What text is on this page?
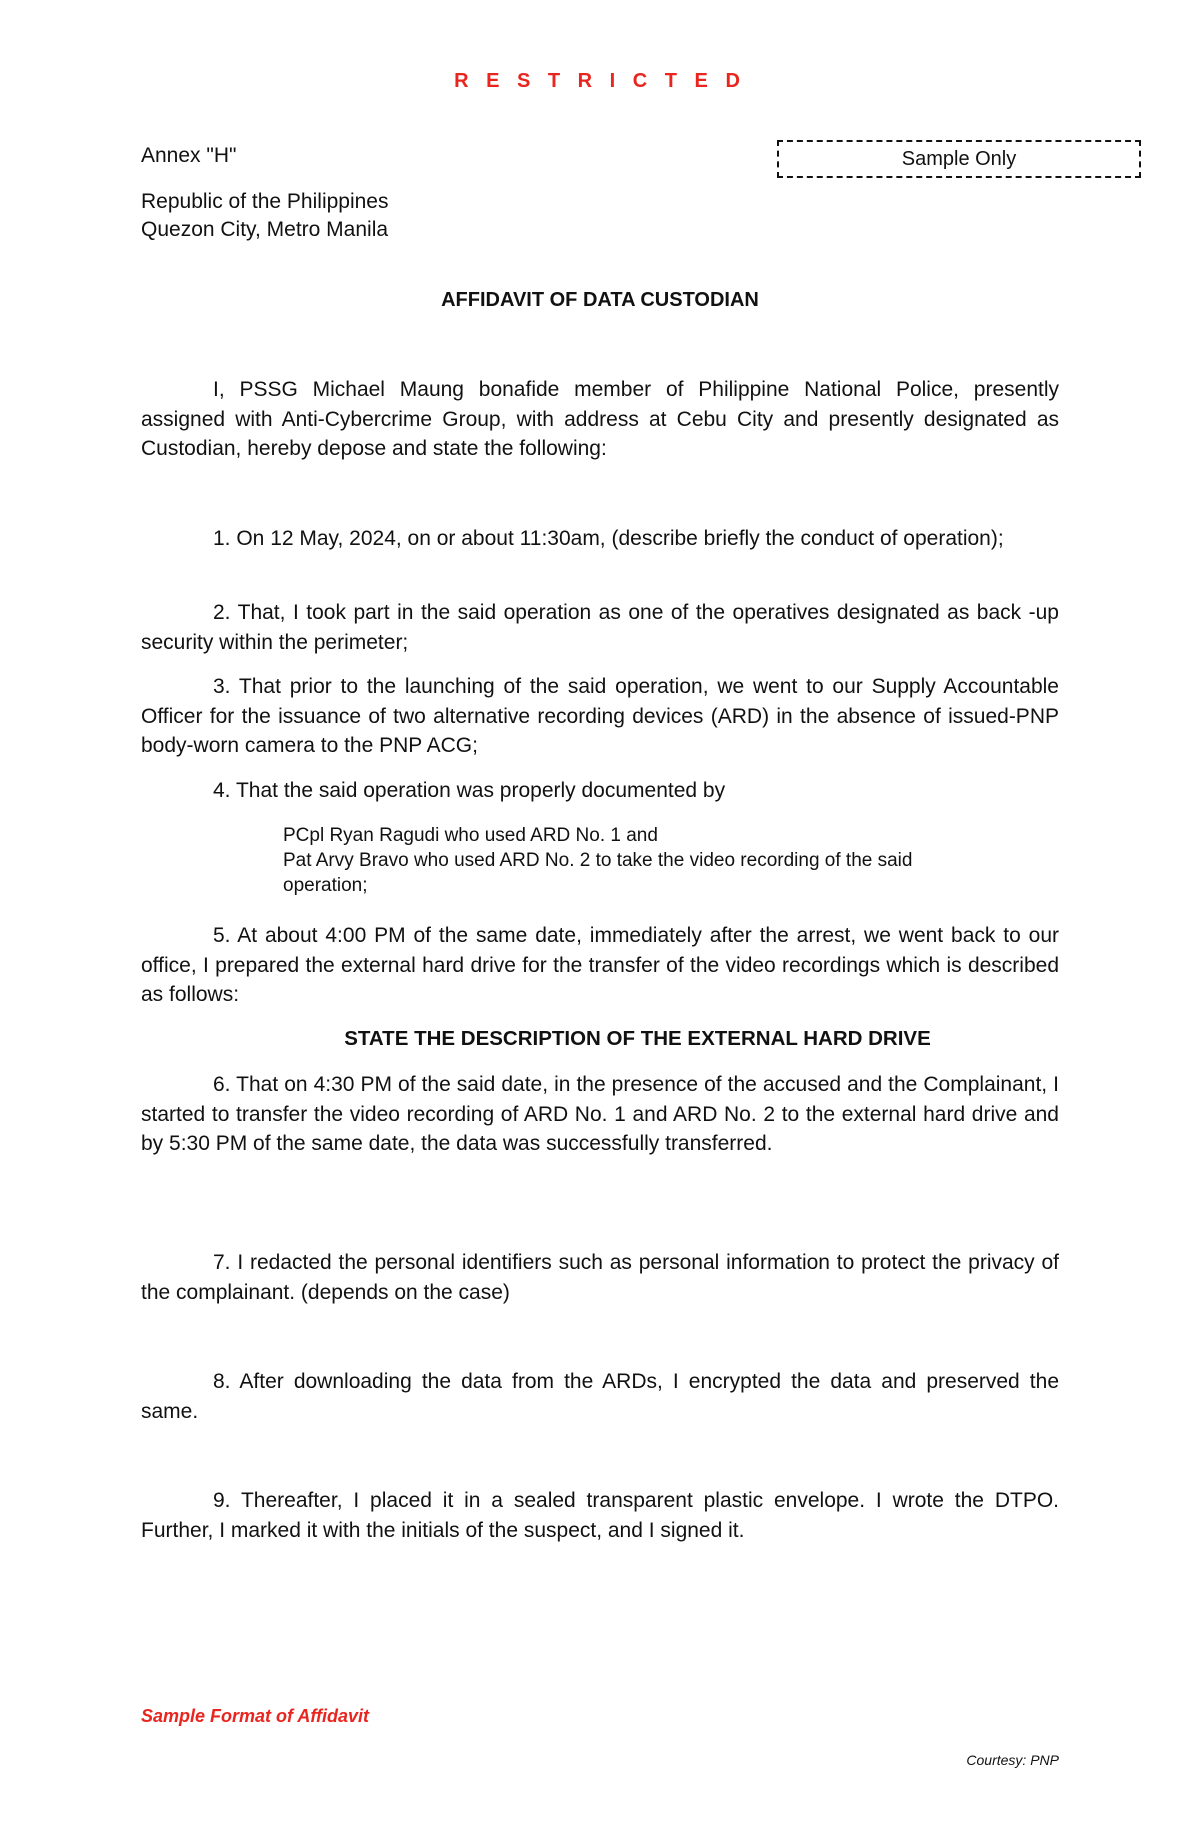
R E S T R I C T E D
Annex "H"	Sample Only
Republic of the Philippines
Quezon City, Metro Manila
AFFIDAVIT OF DATA CUSTODIAN
I, PSSG Michael Maung bonafide member of Philippine National Police, presently assigned with Anti-Cybercrime Group, with address at Cebu City and presently designated as Custodian, hereby depose and state the following:
1. On 12 May, 2024, on or about 11:30am, (describe briefly the conduct of operation);
2. That, I took part in the said operation as one of the operatives designated as back -up security within the perimeter;
3. That prior to the launching of the said operation, we went to our Supply Accountable Officer for the issuance of two alternative recording devices (ARD) in the absence of issued-PNP body-worn camera to the PNP ACG;
4. That the said operation was properly documented by
PCpl Ryan Ragudi who used ARD No. 1 and
Pat Arvy Bravo who used ARD No. 2 to take the video recording of the said
operation;
5. At about 4:00 PM of the same date, immediately after the arrest, we went back to our office, I prepared the external hard drive for the transfer of the video recordings which is described as follows:
STATE THE DESCRIPTION OF THE EXTERNAL HARD DRIVE
6. That on 4:30 PM of the said date, in the presence of the accused and the Complainant, I started to transfer the video recording of ARD No. 1 and ARD No. 2 to the external hard drive and by 5:30 PM of the same date, the data was successfully transferred.
7. I redacted the personal identifiers such as personal information to protect the privacy of the complainant. (depends on the case)
8. After downloading the data from the ARDs, I encrypted the data and preserved the same.
9. Thereafter, I placed it in a sealed transparent plastic envelope. I wrote the DTPO. Further, I marked it with the initials of the suspect, and I signed it.
Sample Format of Affidavit
Courtesy: PNP
